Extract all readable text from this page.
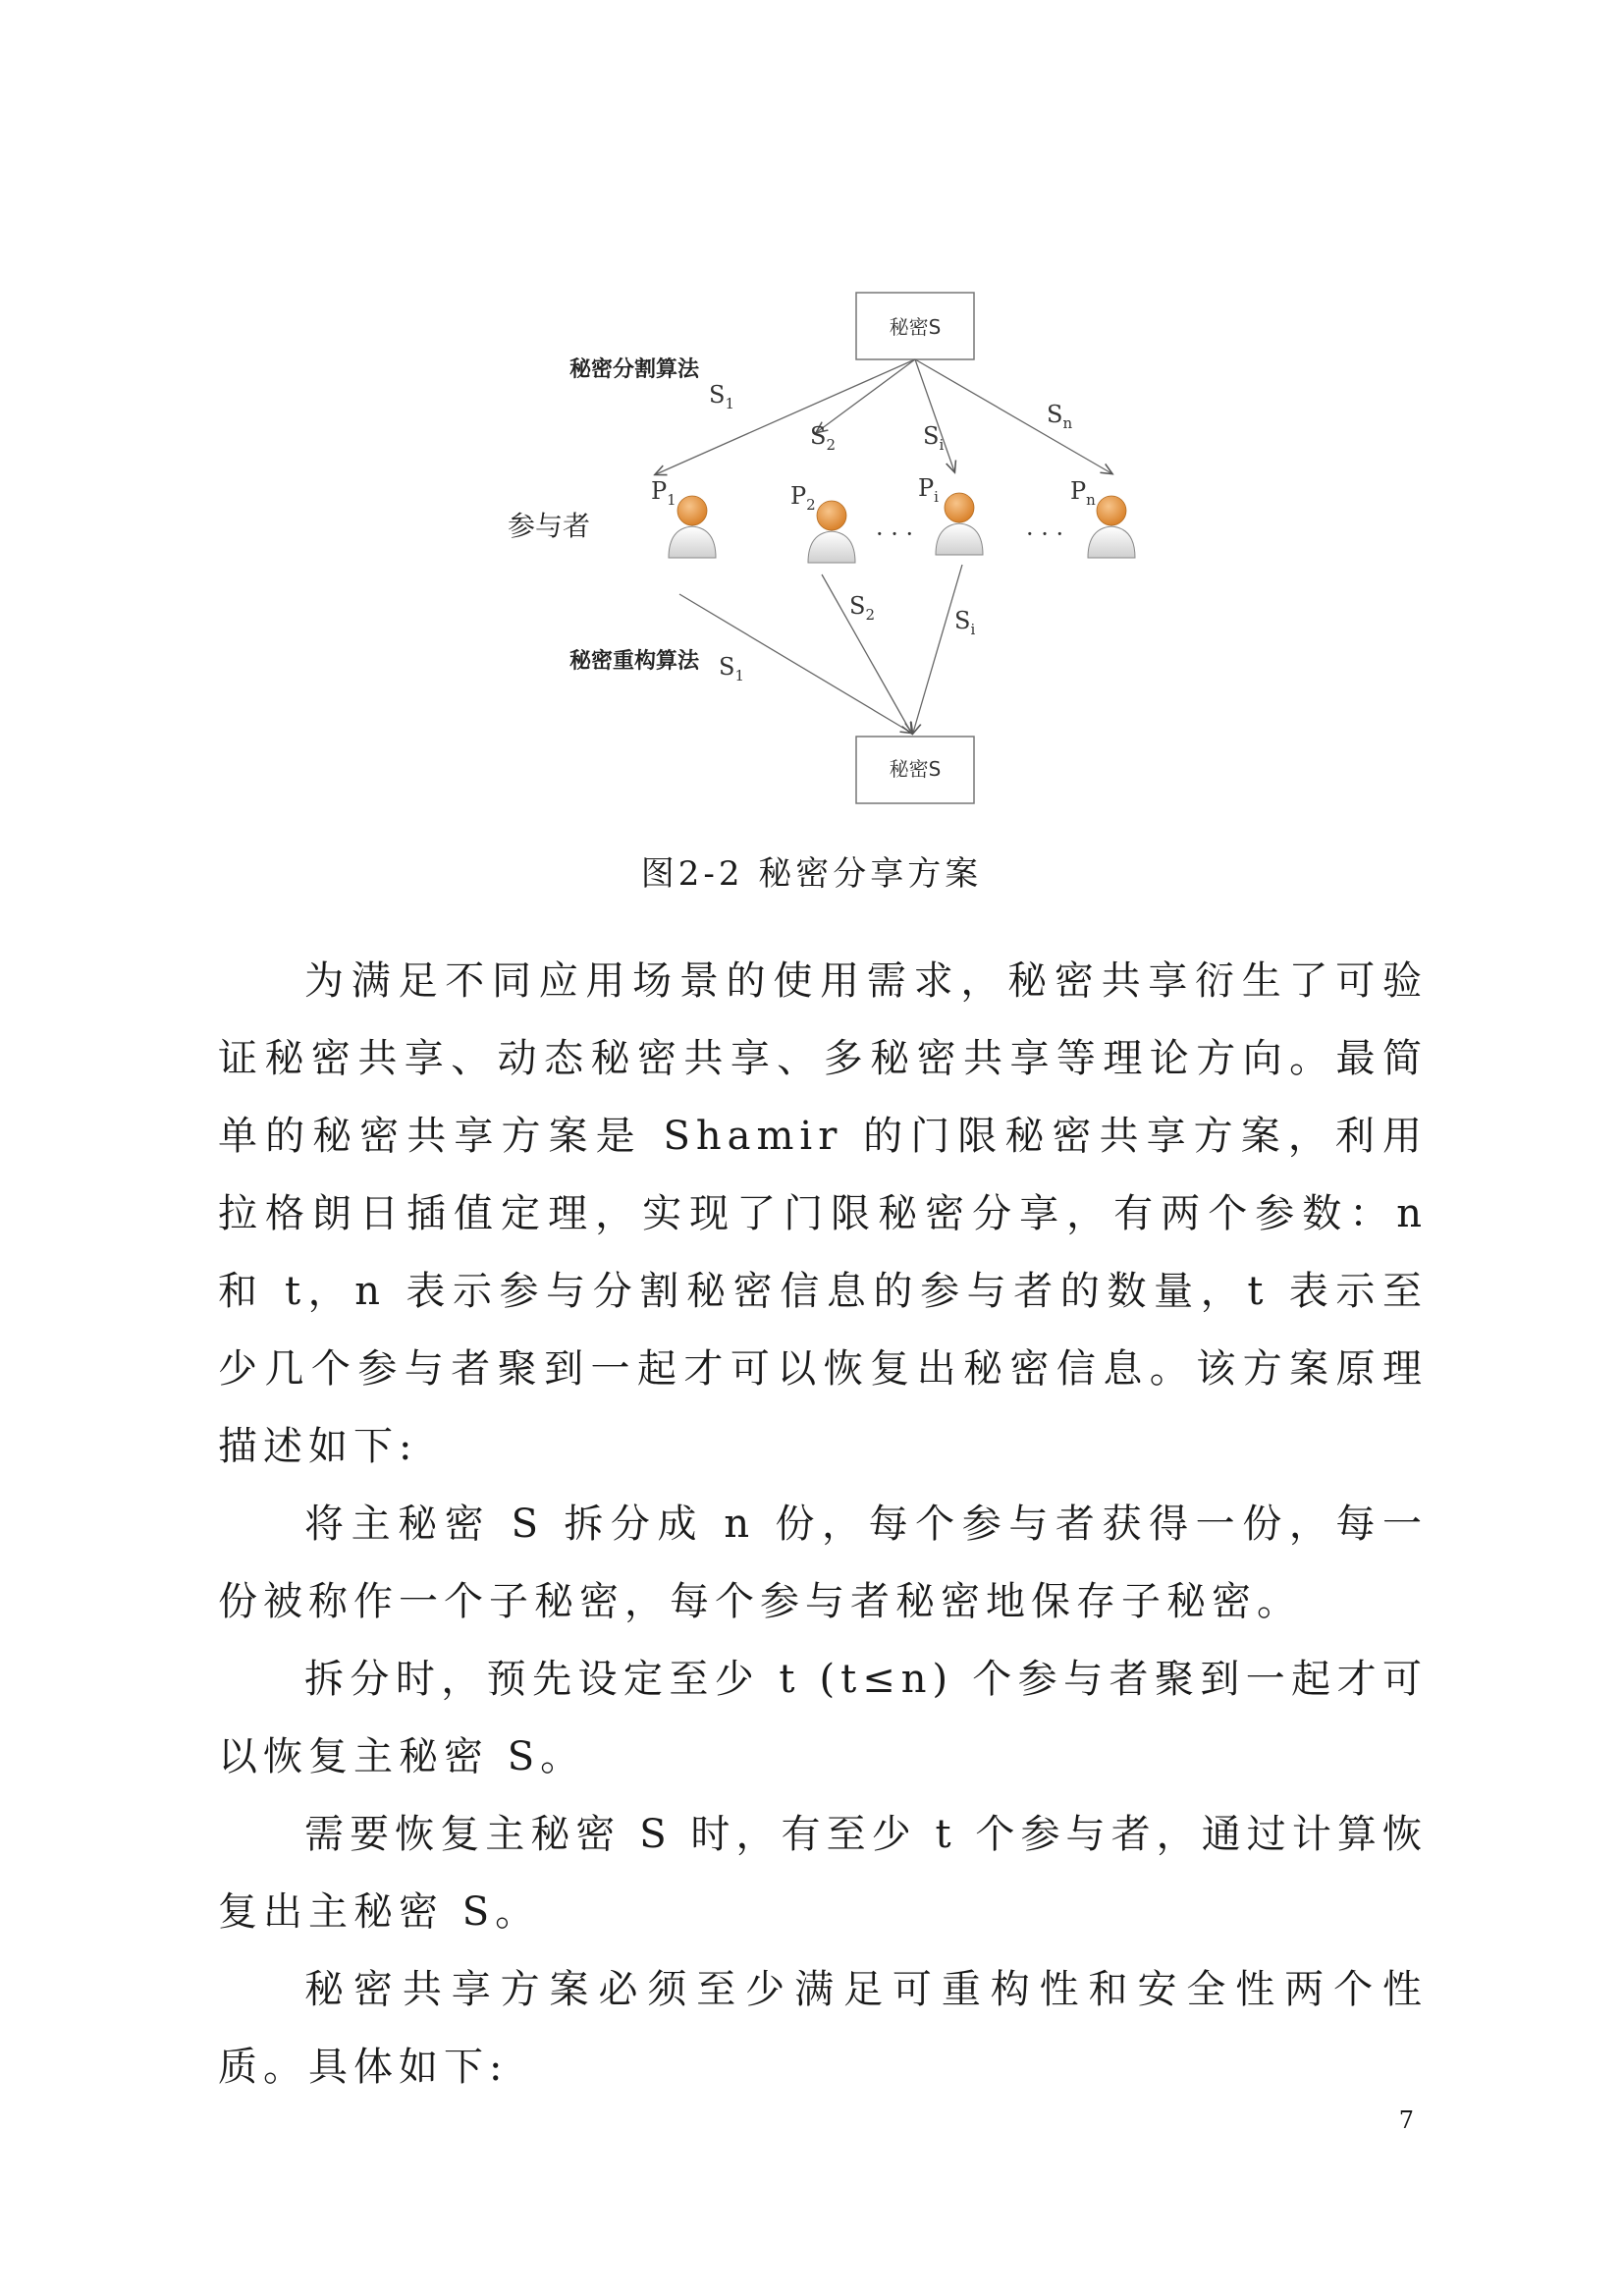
秘密S
秘密S
秘密分割算法
秘密重构算法
参与者
$S_1$
$S_2$	$S_i$
$S_n$
$S_1$
$S_2$	$S_i$
$P_1$	$P_2$
· · ·
$P_i$
· · ·
$P_n$
图2-2 秘密分享方案

为满足不同应用场景的使用需求，秘密共享衍生了可验证秘密共享、动态秘密共享、多秘密共享等理论方向。最简单的秘密共享方案是 Shamir 的门限秘密共享方案，利用拉格朗日插值定理，实现了门限秘密分享，有两个参数：n 和 t，n 表示参与分割秘密信息的参与者的数量，t 表示至少几个参与者聚到一起才可以恢复出秘密信息。该方案原理描述如下:

将主秘密 S 拆分成 n 份，每个参与者获得一份，每一份被称作一个子秘密，每个参与者秘密地保存子秘密。

拆分时，预先设定至少 t (t≤n) 个参与者聚到一起才可以恢复主秘密 S。

需要恢复主秘密 S 时，有至少 t 个参与者，通过计算恢复出主秘密 S。

秘密共享方案必须至少满足可重构性和安全性两个性质。具体如下:

7
